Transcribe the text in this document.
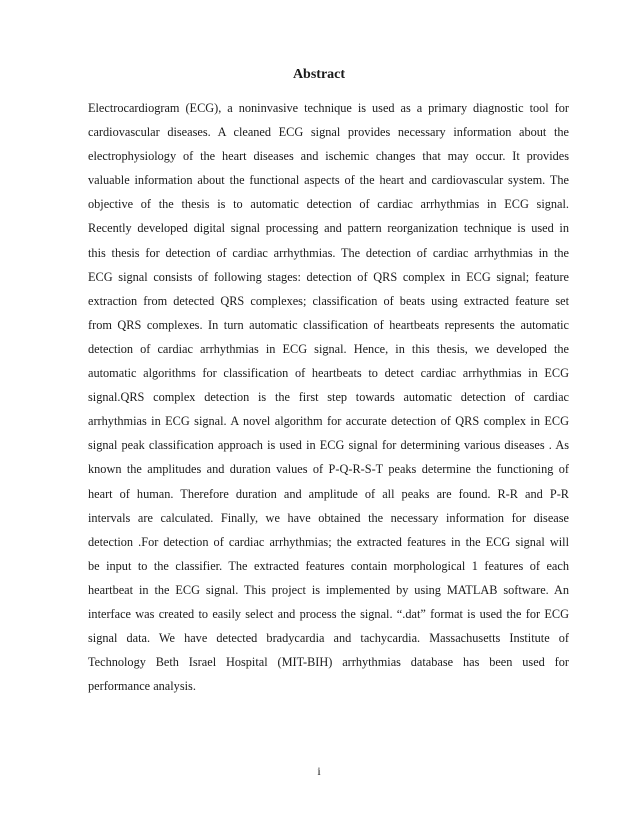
Abstract
Electrocardiogram (ECG), a noninvasive technique is used as a primary diagnostic tool for
cardiovascular diseases. A cleaned ECG signal provides necessary information about the
electrophysiology of the heart diseases and ischemic changes that may occur. It provides
valuable information about the functional aspects of the heart and cardiovascular system. The
objective of the thesis is to automatic detection of cardiac arrhythmias in ECG signal.
Recently developed digital signal processing and pattern reorganization technique is used in
this thesis for detection of cardiac arrhythmias. The detection of cardiac arrhythmias in the
ECG signal consists of following stages: detection of QRS complex in ECG signal; feature
extraction from detected QRS complexes; classification of beats using extracted feature set
from QRS complexes. In turn automatic classification of heartbeats represents the automatic
detection of cardiac arrhythmias in ECG signal. Hence, in this thesis, we developed the
automatic algorithms for classification of heartbeats to detect cardiac arrhythmias in ECG
signal.QRS complex detection is the first step towards automatic detection of cardiac
arrhythmias in ECG signal. A novel algorithm for accurate detection of QRS complex in ECG
signal peak classification approach is used in ECG signal for determining various diseases . As
known the amplitudes and duration values of P-Q-R-S-T peaks determine the functioning of
heart of human. Therefore duration and amplitude of all peaks are found. R-R and P-R
intervals are calculated. Finally, we have obtained the necessary information for disease
detection .For detection of cardiac arrhythmias; the extracted features in the ECG signal will
be input to the classifier. The extracted features contain morphological 1 features of each
heartbeat in the ECG signal. This project is implemented by using MATLAB software. An
interface was created to easily select and process the signal. “.dat” format is used the for ECG
signal data. We have detected bradycardia and tachycardia. Massachusetts Institute of
Technology Beth Israel Hospital (MIT-BIH) arrhythmias database has been used for
performance analysis.
i
